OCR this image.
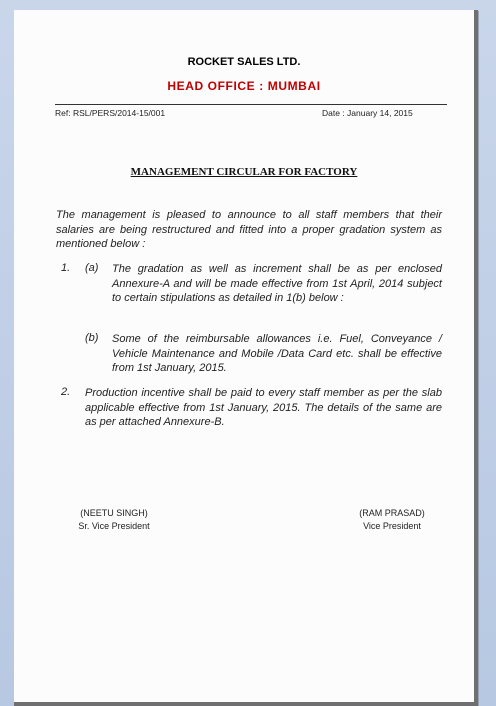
ROCKET SALES LTD.
HEAD OFFICE : MUMBAI
Ref: RSL/PERS/2014-15/001	Date : January 14, 2015
MANAGEMENT CIRCULAR FOR FACTORY
The management is pleased to announce to all staff members that their salaries are being restructured and fitted into a proper gradation system as mentioned below :
1. (a) The gradation as well as increment shall be as per enclosed Annexure-A and will be made effective from 1st April, 2014 subject to certain stipulations as detailed in 1(b) below :
(b) Some of the reimbursable allowances i.e. Fuel, Conveyance / Vehicle Maintenance and Mobile /Data Card etc. shall be effective from 1st January, 2015.
2. Production incentive shall be paid to every staff member as per the slab applicable effective from 1st January, 2015. The details of the same are as per attached Annexure-B.
(NEETU SINGH)
Sr. Vice President
(RAM PRASAD)
Vice President
